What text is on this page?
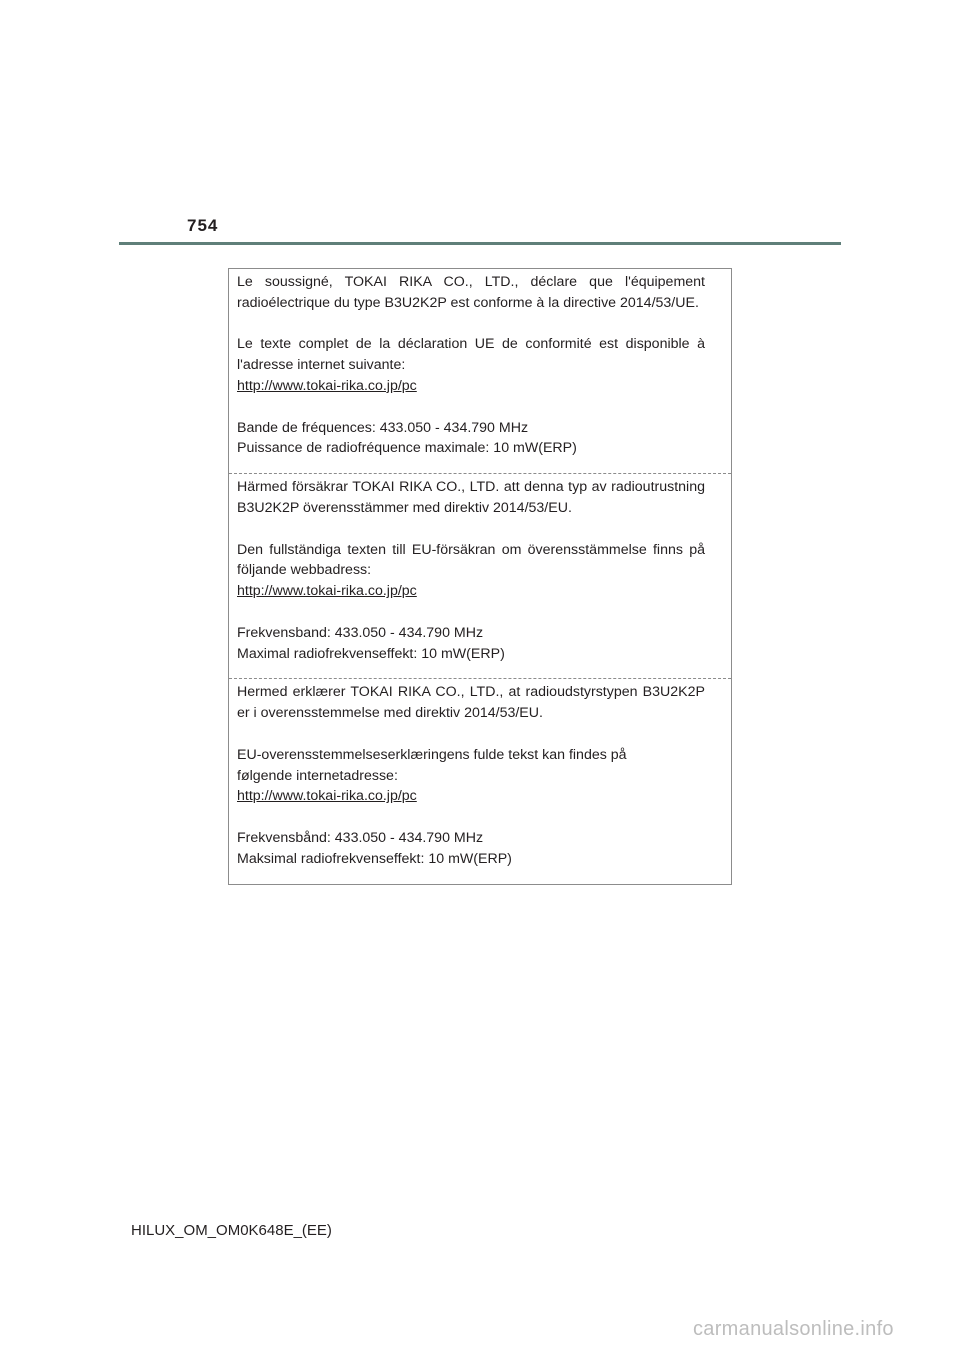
754

Le soussigné, TOKAI RIKA CO., LTD., déclare que l'équipement radioélectrique du type B3U2K2P est conforme à la directive 2014/53/UE.

Le texte complet de la déclaration UE de conformité est disponible à l'adresse internet suivante:

http://www.tokai-rika.co.jp/pc

Bande de fréquences: 433.050 - 434.790 MHz

Puissance de radiofréquence maximale: 10 mW(ERP)

Härmed försäkrar TOKAI RIKA CO., LTD. att denna typ av radioutrustning B3U2K2P överensstämmer med direktiv 2014/53/EU.

Den fullständiga texten till EU-försäkran om överensstämmelse finns på följande webbadress:

http://www.tokai-rika.co.jp/pc

Frekvensband: 433.050 - 434.790 MHz

Maximal radiofrekvenseffekt: 10 mW(ERP)

Hermed erklærer TOKAI RIKA CO., LTD., at radioudstyrstypen B3U2K2P er i overensstemmelse med direktiv 2014/53/EU.

EU-overensstemmelseserklæringens fulde tekst kan findes på

følgende internetadresse:

http://www.tokai-rika.co.jp/pc

Frekvensbånd: 433.050 - 434.790 MHz

Maksimal radiofrekvenseffekt: 10 mW(ERP)

HILUX_OM_OM0K648E_(EE)
carmanualsonline.info
